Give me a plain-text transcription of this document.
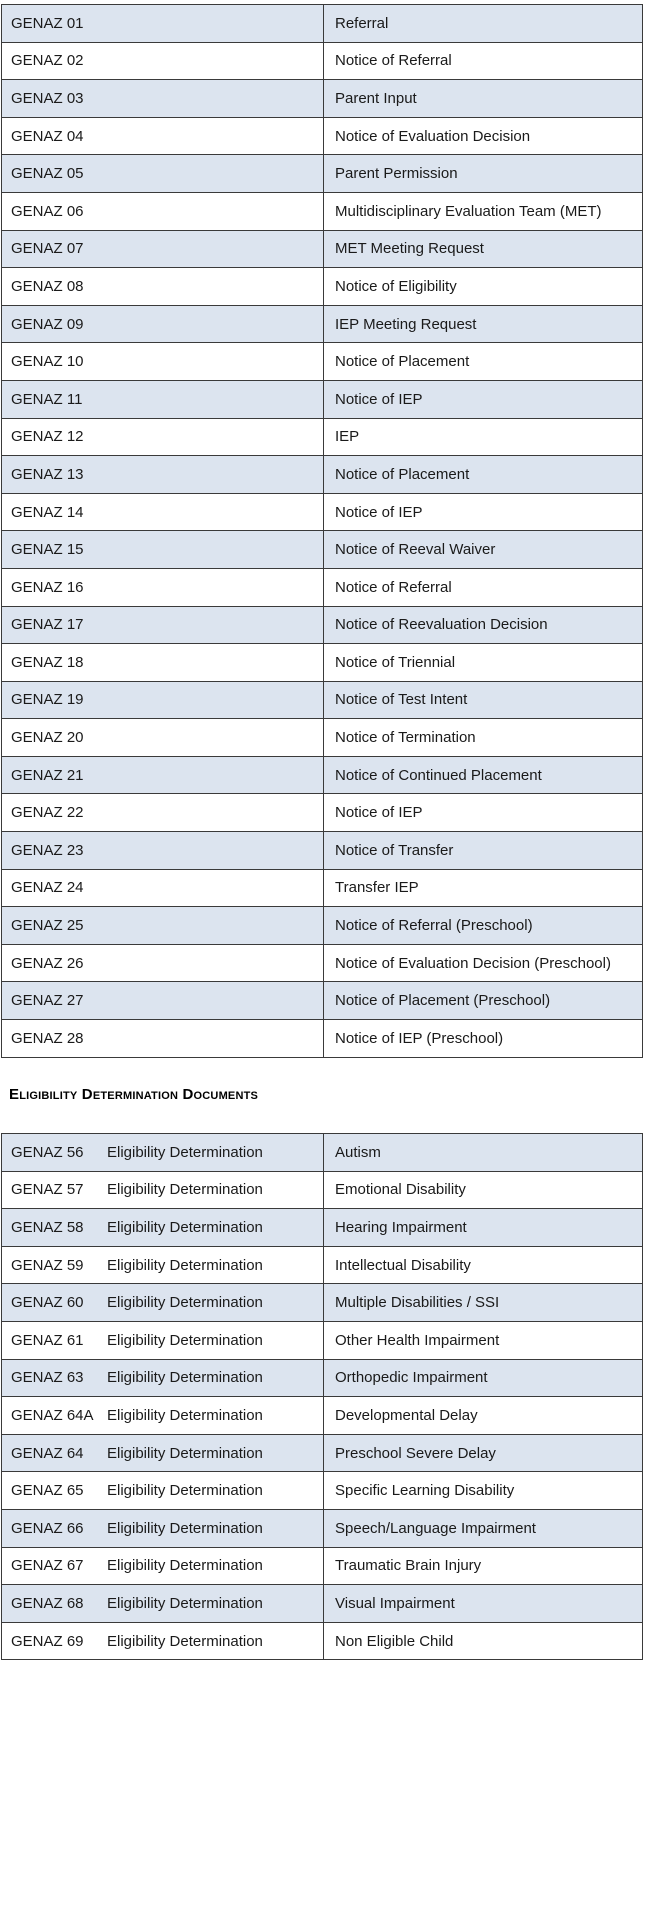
GENAZ 01	Referral
GENAZ 02	Notice of Referral
GENAZ 03	Parent Input
GENAZ 04	Notice of Evaluation Decision
GENAZ 05	Parent Permission
GENAZ 06	Multidisciplinary Evaluation Team (MET)
GENAZ 07	MET Meeting Request
GENAZ 08	Notice of Eligibility
GENAZ 09	IEP Meeting Request
GENAZ 10	Notice of Placement
GENAZ 11	Notice of IEP
GENAZ 12	IEP
GENAZ 13	Notice of Placement
GENAZ 14	Notice of IEP
GENAZ 15	Notice of Reeval Waiver
GENAZ 16	Notice of Referral
GENAZ 17	Notice of Reevaluation Decision
GENAZ 18	Notice of Triennial
GENAZ 19	Notice of Test Intent
GENAZ 20	Notice of Termination
GENAZ 21	Notice of Continued Placement
GENAZ 22	Notice of IEP
GENAZ 23	Notice of Transfer
GENAZ 24	Transfer IEP
GENAZ 25	Notice of Referral (Preschool)
GENAZ 26	Notice of Evaluation Decision (Preschool)
GENAZ 27	Notice of Placement (Preschool)
GENAZ 28	Notice of IEP (Preschool)
Eligibility Determination Documents
GENAZ 56 Eligibility Determination	Autism
GENAZ 57 Eligibility Determination	Emotional Disability
GENAZ 58 Eligibility Determination	Hearing Impairment
GENAZ 59 Eligibility Determination	Intellectual Disability
GENAZ 60 Eligibility Determination	Multiple Disabilities / SSI
GENAZ 61 Eligibility Determination	Other Health Impairment
GENAZ 63 Eligibility Determination	Orthopedic Impairment
GENAZ 64A Eligibility Determination	Developmental Delay
GENAZ 64 Eligibility Determination	Preschool Severe Delay
GENAZ 65 Eligibility Determination	Specific Learning Disability
GENAZ 66 Eligibility Determination	Speech/Language Impairment
GENAZ 67 Eligibility Determination	Traumatic Brain Injury
GENAZ 68 Eligibility Determination	Visual Impairment
GENAZ 69 Eligibility Determination	Non Eligible Child
